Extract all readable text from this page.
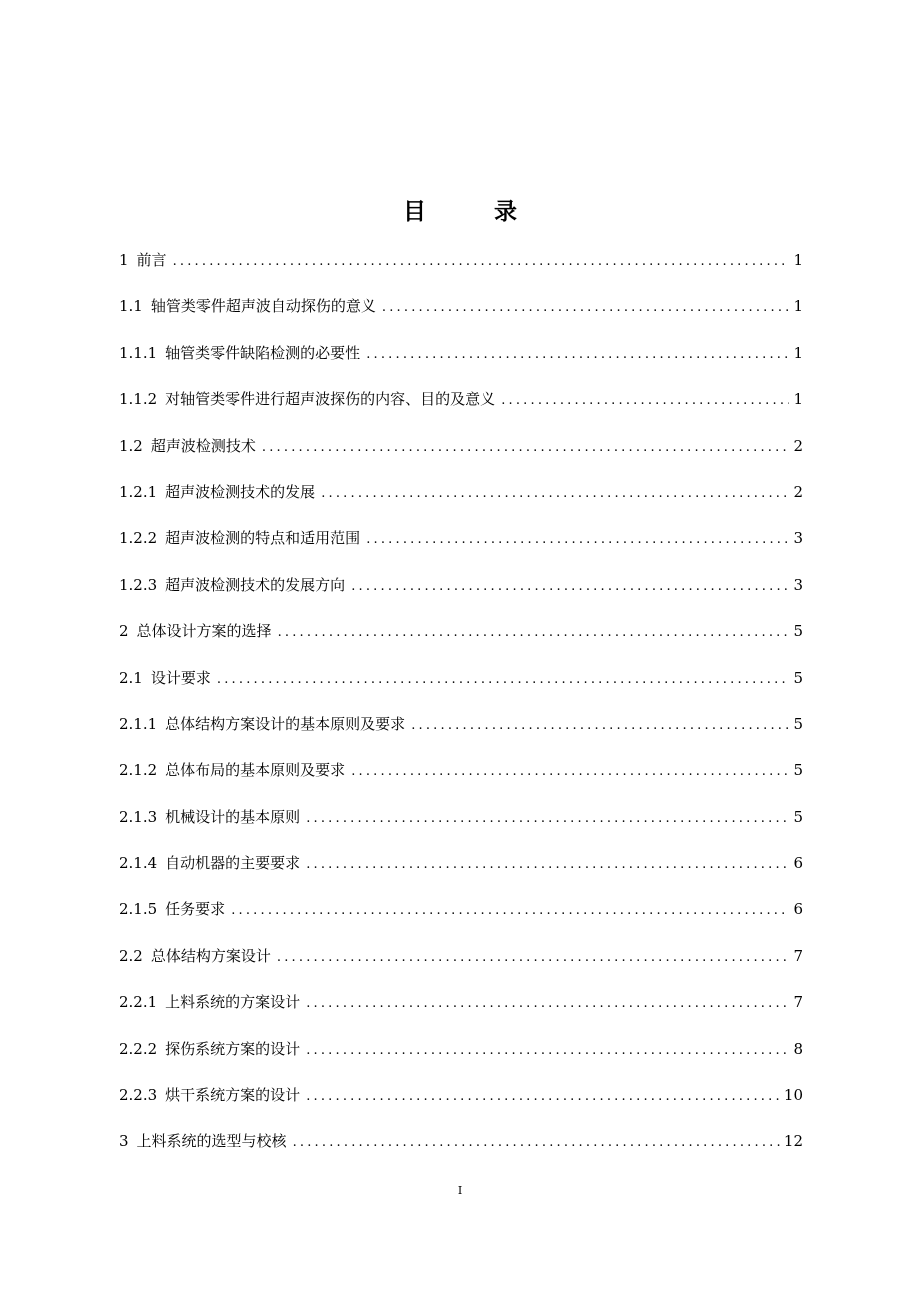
目 录
1 前言 .....	1
1.1 轴管类零件超声波自动探伤的意义 .....	1
1.1.1 轴管类零件缺陷检测的必要性 .....	1
1.1.2 对轴管类零件进行超声波探伤的内容、目的及意义 .....	1
1.2 超声波检测技术 .....	2
1.2.1 超声波检测技术的发展 .....	2
1.2.2 超声波检测的特点和适用范围 .....	3
1.2.3 超声波检测技术的发展方向 .....	3
2 总体设计方案的选择 .....	5
2.1 设计要求 .....	5
2.1.1 总体结构方案设计的基本原则及要求 .....	5
2.1.2 总体布局的基本原则及要求 .....	5
2.1.3 机械设计的基本原则 .....	5
2.1.4 自动机器的主要要求 .....	6
2.1.5 任务要求 .....	6
2.2 总体结构方案设计 .....	7
2.2.1 上料系统的方案设计 .....	7
2.2.2 探伤系统方案的设计 .....	8
2.2.3 烘干系统方案的设计 .....	10
3 上料系统的选型与校核 .....	12
I
